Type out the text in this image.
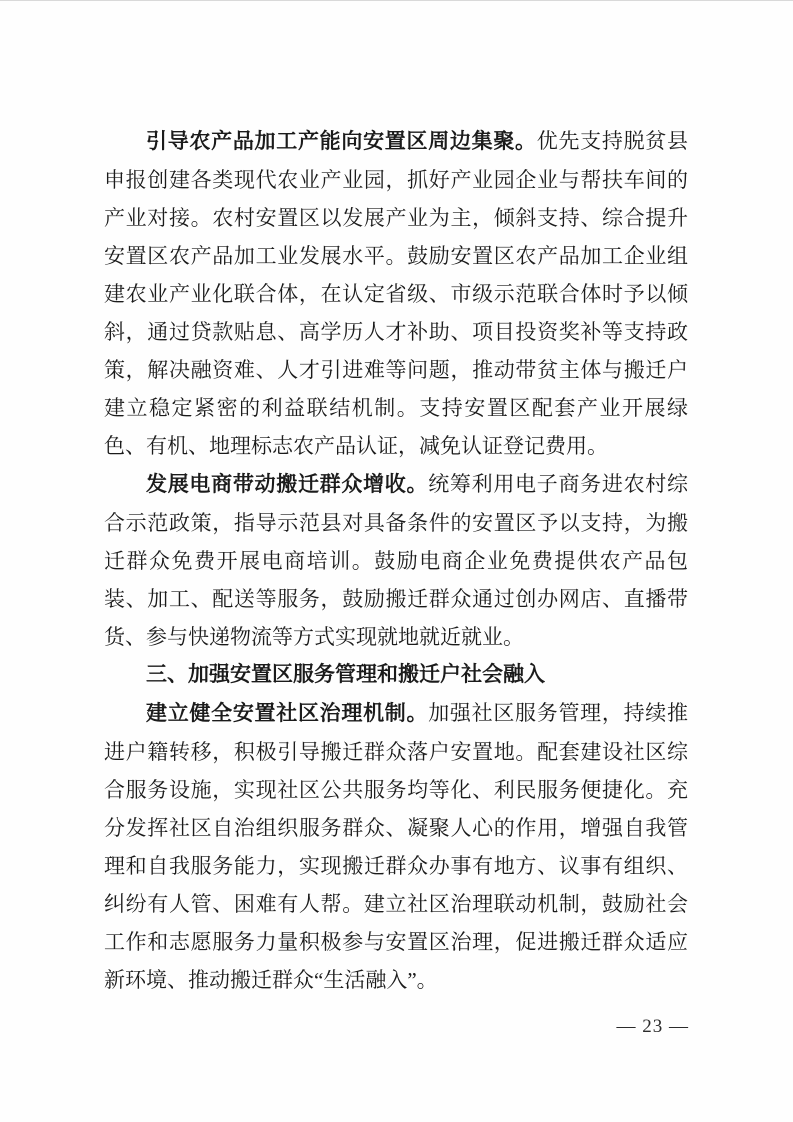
引导农产品加工产能向安置区周边集聚。优先支持脱贫县申报创建各类现代农业产业园，抓好产业园企业与帮扶车间的产业对接。农村安置区以发展产业为主，倾斜支持、综合提升安置区农产品加工业发展水平。鼓励安置区农产品加工企业组建农业产业化联合体，在认定省级、市级示范联合体时予以倾斜，通过贷款贴息、高学历人才补助、项目投资奖补等支持政策，解决融资难、人才引进难等问题，推动带贫主体与搬迁户建立稳定紧密的利益联结机制。支持安置区配套产业开展绿色、有机、地理标志农产品认证，减免认证登记费用。

发展电商带动搬迁群众增收。统筹利用电子商务进农村综合示范政策，指导示范县对具备条件的安置区予以支持，为搬迁群众免费开展电商培训。鼓励电商企业免费提供农产品包装、加工、配送等服务，鼓励搬迁群众通过创办网店、直播带货、参与快递物流等方式实现就地就近就业。

三、加强安置区服务管理和搬迁户社会融入

建立健全安置社区治理机制。加强社区服务管理，持续推进户籍转移，积极引导搬迁群众落户安置地。配套建设社区综合服务设施，实现社区公共服务均等化、利民服务便捷化。充分发挥社区自治组织服务群众、凝聚人心的作用，增强自我管理和自我服务能力，实现搬迁群众办事有地方、议事有组织、纠纷有人管、困难有人帮。建立社区治理联动机制，鼓励社会工作和志愿服务力量积极参与安置区治理，促进搬迁群众适应新环境、推动搬迁群众“生活融入”。

— 23 —
